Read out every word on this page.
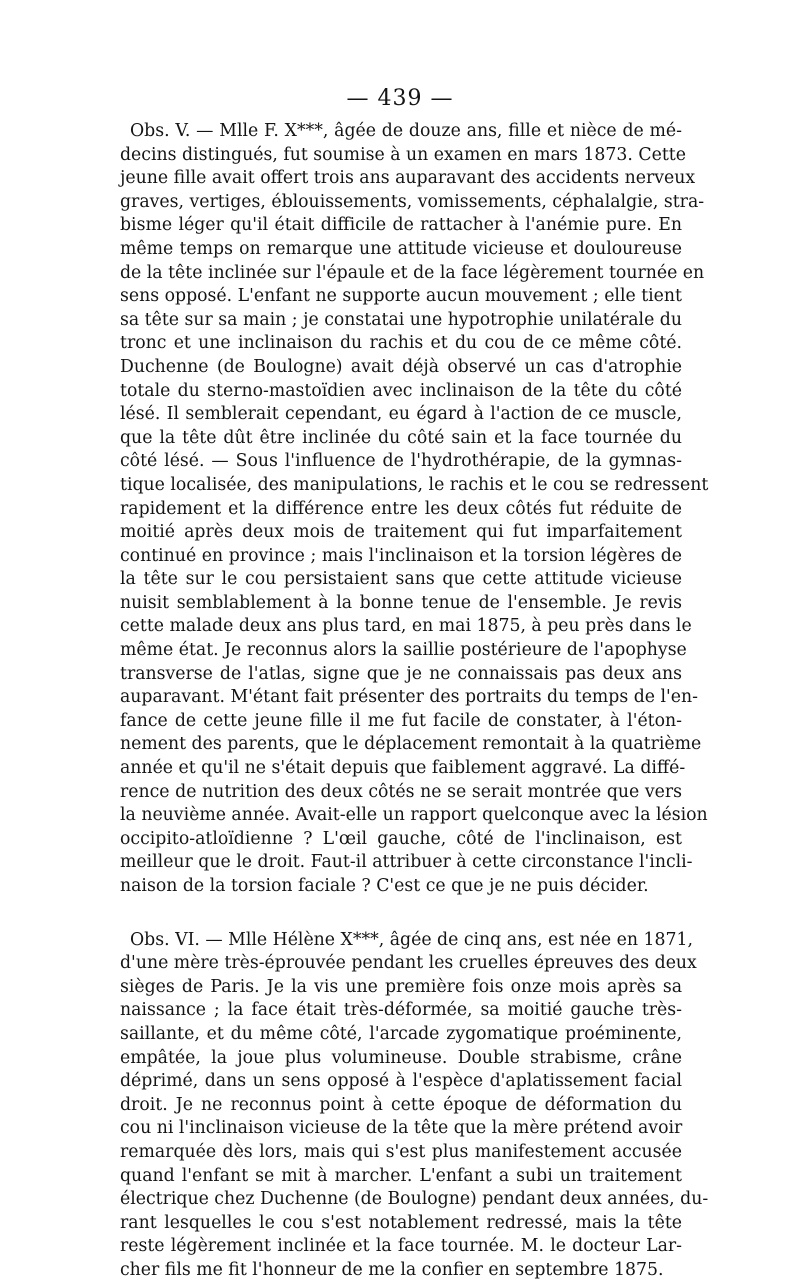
— 439 —
Obs. V. — Mlle F. X***, âgée de douze ans, fille et nièce de mé-
decins distingués, fut soumise à un examen en mars 1873. Cette
jeune fille avait offert trois ans auparavant des accidents nerveux
graves, vertiges, éblouissements, vomissements, céphalalgie, stra-
bisme léger qu'il était difficile de rattacher à l'anémie pure. En
même temps on remarque une attitude vicieuse et douloureuse
de la tête inclinée sur l'épaule et de la face légèrement tournée en
sens opposé. L'enfant ne supporte aucun mouvement ; elle tient
sa tête sur sa main ; je constatai une hypotrophie unilatérale du
tronc et une inclinaison du rachis et du cou de ce même côté.
Duchenne (de Boulogne) avait déjà observé un cas d'atrophie
totale du sterno-mastoïdien avec inclinaison de la tête du côté
lésé. Il semblerait cependant, eu égard à l'action de ce muscle,
que la tête dût être inclinée du côté sain et la face tournée du
côté lésé. — Sous l'influence de l'hydrothérapie, de la gymnas-
tique localisée, des manipulations, le rachis et le cou se redressent
rapidement et la différence entre les deux côtés fut réduite de
moitié après deux mois de traitement qui fut imparfaitement
continué en province ; mais l'inclinaison et la torsion légères de
la tête sur le cou persistaient sans que cette attitude vicieuse
nuisit semblablement à la bonne tenue de l'ensemble. Je revis
cette malade deux ans plus tard, en mai 1875, à peu près dans le
même état. Je reconnus alors la saillie postérieure de l'apophyse
transverse de l'atlas, signe que je ne connaissais pas deux ans
auparavant. M'étant fait présenter des portraits du temps de l'en-
fance de cette jeune fille il me fut facile de constater, à l'éton-
nement des parents, que le déplacement remontait à la quatrième
année et qu'il ne s'était depuis que faiblement aggravé. La diffé-
rence de nutrition des deux côtés ne se serait montrée que vers
la neuvième année. Avait-elle un rapport quelconque avec la lésion
occipito-atloïdienne ? L'œil gauche, côté de l'inclinaison, est
meilleur que le droit. Faut-il attribuer à cette circonstance l'incli-
naison de la torsion faciale ? C'est ce que je ne puis décider.
Obs. VI. — Mlle Hélène X***, âgée de cinq ans, est née en 1871,
d'une mère très-éprouvée pendant les cruelles épreuves des deux
sièges de Paris. Je la vis une première fois onze mois après sa
naissance ; la face était très-déformée, sa moitié gauche très-
saillante, et du même côté, l'arcade zygomatique proéminente,
empâtée, la joue plus volumineuse. Double strabisme, crâne
déprimé, dans un sens opposé à l'espèce d'aplatissement facial
droit. Je ne reconnus point à cette époque de déformation du
cou ni l'inclinaison vicieuse de la tête que la mère prétend avoir
remarquée dès lors, mais qui s'est plus manifestement accusée
quand l'enfant se mit à marcher. L'enfant a subi un traitement
électrique chez Duchenne (de Boulogne) pendant deux années, du-
rant lesquelles le cou s'est notablement redressé, mais la tête
reste légèrement inclinée et la face tournée. M. le docteur Lar-
cher fils me fit l'honneur de me la confier en septembre 1875.
